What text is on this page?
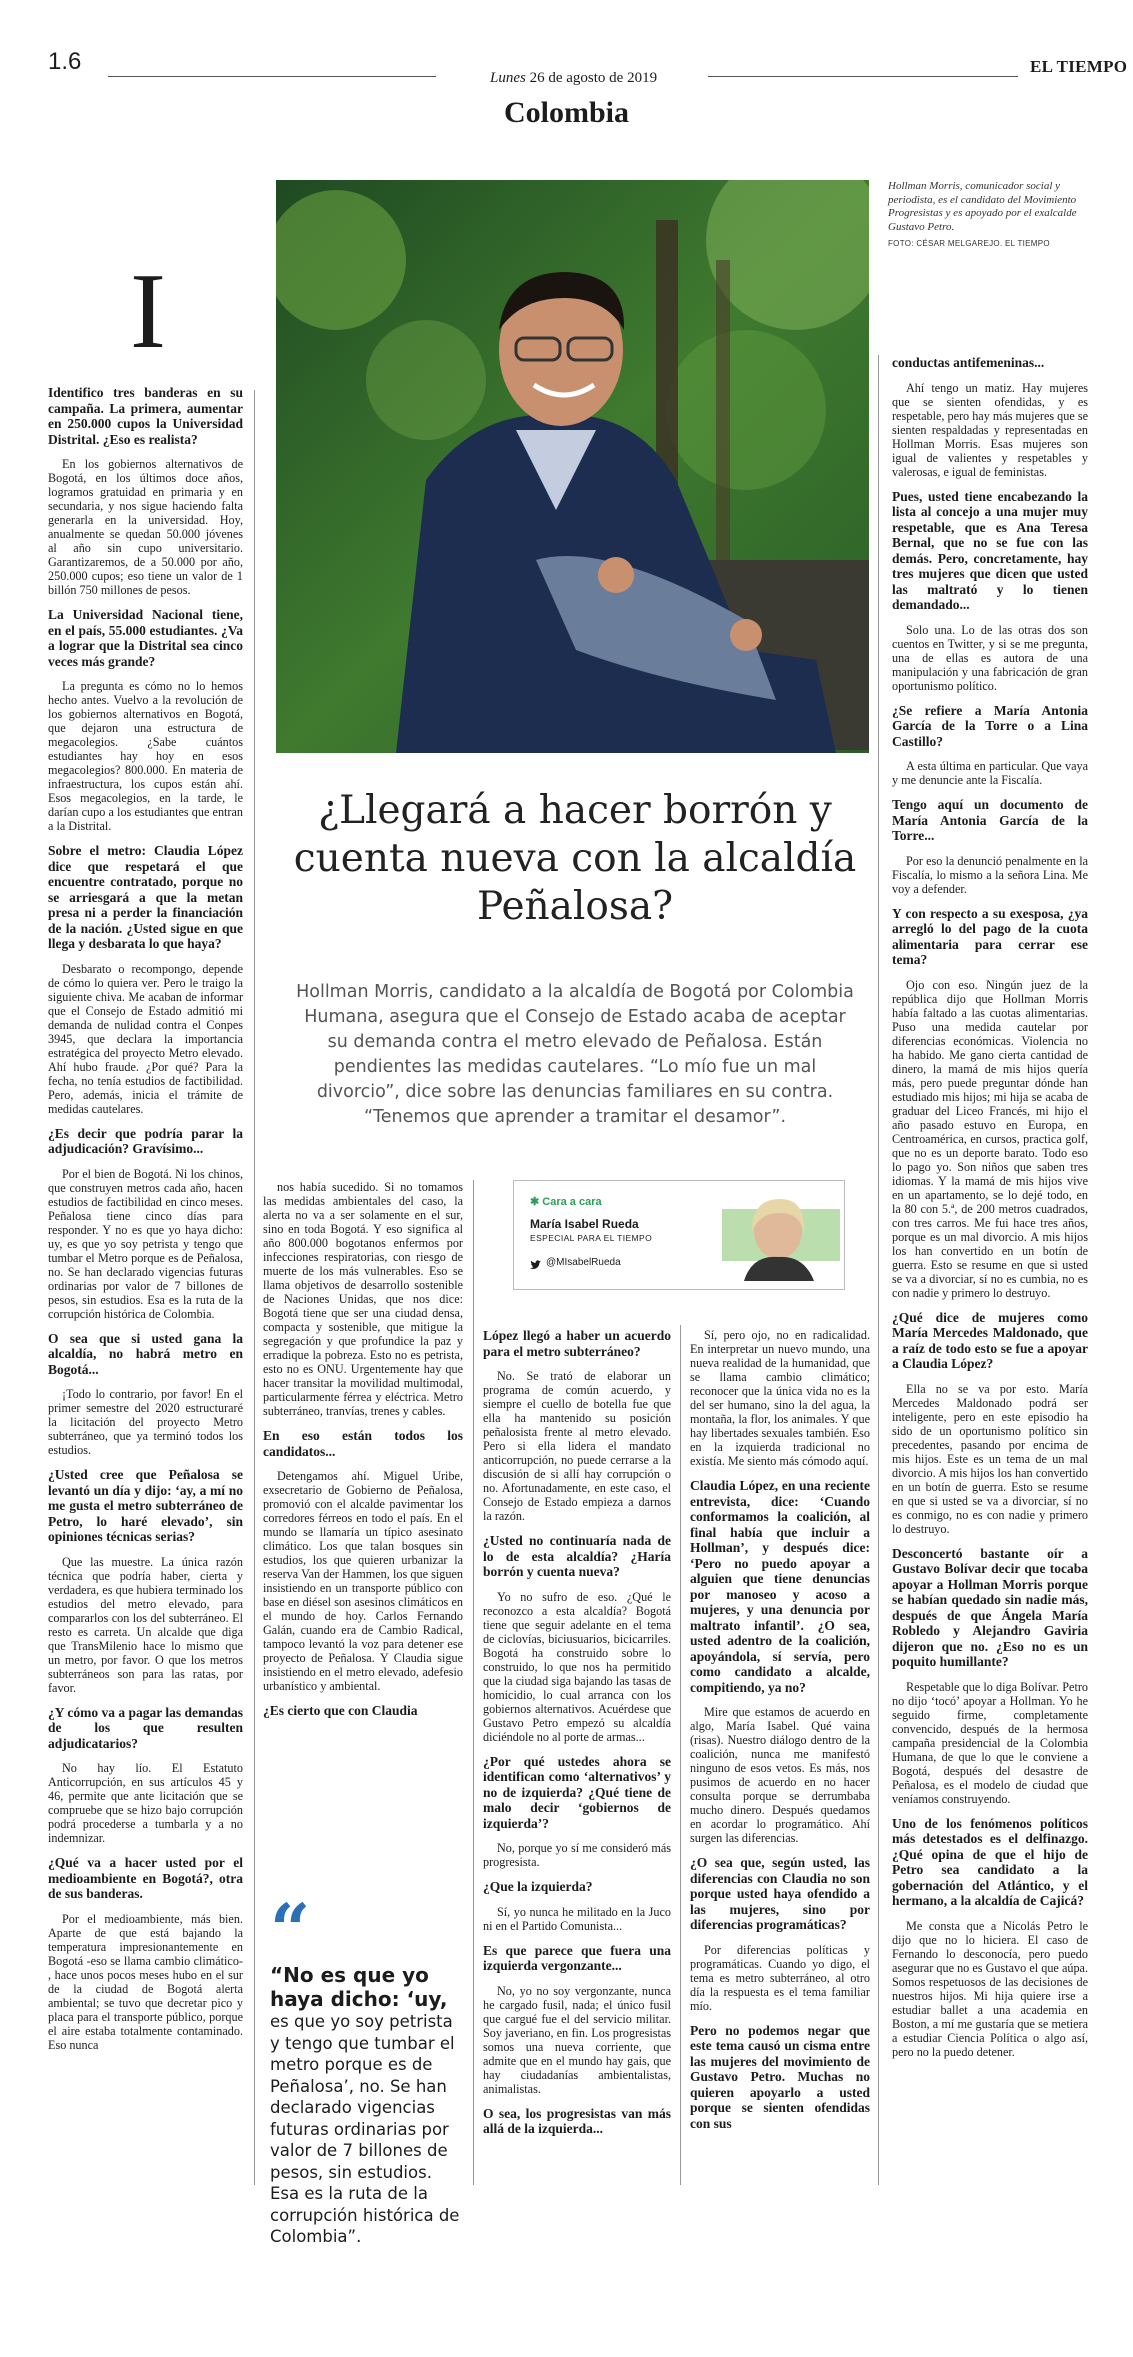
1.6
Lunes 26 de agosto de 2019
EL TIEMPO
Colombia
Hollman Morris, comunicador social y periodista, es el candidato del Movimiento Progresistas y es apoyado por el exalcalde Gustavo Petro.
FOTO: CÉSAR MELGAREJO. EL TIEMPO
I
¿Llegará a hacer borrón y cuenta nueva con la alcaldía Peñalosa?
Hollman Morris, candidato a la alcaldía de Bogotá por Colombia Humana, asegura que el Consejo de Estado acaba de aceptar su demanda contra el metro elevado de Peñalosa. Están pendientes las medidas cautelares. “Lo mío fue un mal divorcio”, dice sobre las denuncias familiares en su contra. “Tenemos que aprender a tramitar el desamor”.

Identifico tres banderas en su campaña. La primera, aumentar en 250.000 cupos la Universidad Distrital. ¿Eso es realista?

En los gobiernos alternativos de Bogotá, en los últimos doce años, logramos gratuidad en primaria y en secundaria, y nos sigue haciendo falta generarla en la universidad. Hoy, anualmente se quedan 50.000 jóvenes al año sin cupo universitario. Garantizaremos, de a 50.000 por año, 250.000 cupos; eso tiene un valor de 1 billón 750 millones de pesos.

La Universidad Nacional tiene, en el país, 55.000 estudiantes. ¿Va a lograr que la Distrital sea cinco veces más grande?

La pregunta es cómo no lo hemos hecho antes. Vuelvo a la revolución de los gobiernos alternativos en Bogotá, que dejaron una estructura de megacolegios. ¿Sabe cuántos estudiantes hay hoy en esos megacolegios? 800.000. En materia de infraestructura, los cupos están ahí. Esos megacolegios, en la tarde, le darían cupo a los estudiantes que entran a la Distrital.

Sobre el metro: Claudia López dice que respetará el que encuentre contratado, porque no se arriesgará a que la metan presa ni a perder la financiación de la nación. ¿Usted sigue en que llega y desbarata lo que haya?

Desbarato o recompongo, depende de cómo lo quiera ver. Pero le traigo la siguiente chiva. Me acaban de informar que el Consejo de Estado admitió mi demanda de nulidad contra el Conpes 3945, que declara la importancia estratégica del proyecto Metro elevado. Ahí hubo fraude. ¿Por qué? Para la fecha, no tenía estudios de factibilidad. Pero, además, inicia el trámite de medidas cautelares.

¿Es decir que podría parar la adjudicación? Gravísimo...

Por el bien de Bogotá. Ni los chinos, que construyen metros cada año, hacen estudios de factibilidad en cinco meses. Peñalosa tiene cinco días para responder. Y no es que yo haya dicho: uy, es que yo soy petrista y tengo que tumbar el Metro porque es de Peñalosa, no. Se han declarado vigencias futuras ordinarias por valor de 7 billones de pesos, sin estudios. Esa es la ruta de la corrupción histórica de Colombia.

O sea que si usted gana la alcaldía, no habrá metro en Bogotá...

¡Todo lo contrario, por favor! En el primer semestre del 2020 estructuraré la licitación del proyecto Metro subterráneo, que ya terminó todos los estudios.

¿Usted cree que Peñalosa se levantó un día y dijo: ‘ay, a mí no me gusta el metro subterráneo de Petro, lo haré elevado’, sin opiniones técnicas serias?

Que las muestre. La única razón técnica que podría haber, cierta y verdadera, es que hubiera terminado los estudios del metro elevado, para compararlos con los del subterráneo. El resto es carreta. Un alcalde que diga que TransMilenio hace lo mismo que un metro, por favor. O que los metros subterráneos son para las ratas, por favor.

¿Y cómo va a pagar las demandas de los que resulten adjudicatarios?

No hay lío. El Estatuto Anticorrupción, en sus artículos 45 y 46, permite que ante licitación que se compruebe que se hizo bajo corrupción podrá procederse a tumbarla y a no indemnizar.

¿Qué va a hacer usted por el medioambiente en Bogotá?, otra de sus banderas.

Por el medioambiente, más bien. Aparte de que está bajando la temperatura impresionantemente en Bogotá -eso se llama cambio climático- , hace unos pocos meses hubo en el sur de la ciudad de Bogotá alerta ambiental; se tuvo que decretar pico y placa para el transporte público, porque el aire estaba totalmente contaminado. Eso nunca

nos había sucedido. Si no tomamos las medidas ambientales del caso, la alerta no va a ser solamente en el sur, sino en toda Bogotá. Y eso significa al año 800.000 bogotanos enfermos por infecciones respiratorias, con riesgo de muerte de los más vulnerables. Eso se llama objetivos de desarrollo sostenible de Naciones Unidas, que nos dice: Bogotá tiene que ser una ciudad densa, compacta y sostenible, que mitigue la segregación y que profundice la paz y erradique la pobreza. Esto no es petrista, esto no es ONU. Urgentemente hay que hacer transitar la movilidad multimodal, particularmente férrea y eléctrica. Metro subterráneo, tranvías, trenes y cables.

En eso están todos los candidatos...

Detengamos ahí. Miguel Uribe, exsecretario de Gobierno de Peñalosa, promovió con el alcalde pavimentar los corredores férreos en todo el país. En el mundo se llamaría un típico asesinato climático. Los que talan bosques sin estudios, los que quieren urbanizar la reserva Van der Hammen, los que siguen insistiendo en un transporte público con base en diésel son asesinos climáticos en el mundo de hoy. Carlos Fernando Galán, cuando era de Cambio Radical, tampoco levantó la voz para detener ese proyecto de Peñalosa. Y Claudia sigue insistiendo en el metro elevado, adefesio urbanístico y ambiental.

¿Es cierto que con Claudia

López llegó a haber un acuerdo para el metro subterráneo?

No. Se trató de elaborar un programa de común acuerdo, y siempre el cuello de botella fue que ella ha mantenido su posición peñalosista frente al metro elevado. Pero si ella lidera el mandato anticorrupción, no puede cerrarse a la discusión de si allí hay corrupción o no. Afortunadamente, en este caso, el Consejo de Estado empieza a darnos la razón.

¿Usted no continuaría nada de lo de esta alcaldía? ¿Haría borrón y cuenta nueva?

Yo no sufro de eso. ¿Qué le reconozco a esta alcaldía? Bogotá tiene que seguir adelante en el tema de ciclovías, biciusuarios, bicicarriles. Bogotá ha construido sobre lo construido, lo que nos ha permitido que la ciudad siga bajando las tasas de homicidio, lo cual arranca con los gobiernos alternativos. Acuérdese que Gustavo Petro empezó su alcaldía diciéndole no al porte de armas...

¿Por qué ustedes ahora se identifican como ‘alternativos’ y no de izquierda? ¿Qué tiene de malo decir ‘gobiernos de izquierda’?

No, porque yo sí me consideró más progresista.

¿Que la izquierda?

Sí, yo nunca he militado en la Juco ni en el Partido Comunista...

Es que parece que fuera una izquierda vergonzante...

No, yo no soy vergonzante, nunca he cargado fusil, nada; el único fusil que cargué fue el del servicio militar. Soy javeriano, en fin. Los progresistas somos una nueva corriente, que admite que en el mundo hay gais, que hay ciudadanías ambientalistas, animalistas.

O sea, los progresistas van más allá de la izquierda...

Sí, pero ojo, no en radicalidad. En interpretar un nuevo mundo, una nueva realidad de la humanidad, que se llama cambio climático; reconocer que la única vida no es la del ser humano, sino la del agua, la montaña, la flor, los animales. Y que hay libertades sexuales también. Eso en la izquierda tradicional no existía. Me siento más cómodo aquí.

Claudia López, en una reciente entrevista, dice: ‘Cuando conformamos la coalición, al final había que incluir a Hollman’, y después dice: ‘Pero no puedo apoyar a alguien que tiene denuncias por manoseo y acoso a mujeres, y una denuncia por maltrato infantil’. ¿O sea, usted adentro de la coalición, apoyándola, sí servía, pero como candidato a alcalde, compitiendo, ya no?

Mire que estamos de acuerdo en algo, María Isabel. Qué vaina (risas). Nuestro diálogo dentro de la coalición, nunca me manifestó ninguno de esos vetos. Es más, nos pusimos de acuerdo en no hacer consulta porque se derrumbaba mucho dinero. Después quedamos en acordar lo programático. Ahí surgen las diferencias.

¿O sea que, según usted, las diferencias con Claudia no son porque usted haya ofendido a las mujeres, sino por diferencias programáticas?

Por diferencias políticas y programáticas. Cuando yo digo, el tema es metro subterráneo, al otro día la respuesta es el tema familiar mío.

Pero no podemos negar que este tema causó un cisma entre las mujeres del movimiento de Gustavo Petro. Muchas no quieren apoyarlo a usted porque se sienten ofendidas con sus

conductas antifemeninas...

Ahí tengo un matiz. Hay mujeres que se sienten ofendidas, y es respetable, pero hay más mujeres que se sienten respaldadas y representadas en Hollman Morris. Esas mujeres son igual de valientes y respetables y valerosas, e igual de feministas.

Pues, usted tiene encabezando la lista al concejo a una mujer muy respetable, que es Ana Teresa Bernal, que no se fue con las demás. Pero, concretamente, hay tres mujeres que dicen que usted las maltrató y lo tienen demandado...

Solo una. Lo de las otras dos son cuentos en Twitter, y si se me pregunta, una de ellas es autora de una manipulación y una fabricación de gran oportunismo político.

¿Se refiere a María Antonia García de la Torre o a Lina Castillo?

A esta última en particular. Que vaya y me denuncie ante la Fiscalía.

Tengo aquí un documento de María Antonia García de la Torre...

Por eso la denunció penalmente en la Fiscalía, lo mismo a la señora Lina. Me voy a defender.

Y con respecto a su exesposa, ¿ya arregló lo del pago de la cuota alimentaria para cerrar ese tema?

Ojo con eso. Ningún juez de la república dijo que Hollman Morris había faltado a las cuotas alimentarias. Puso una medida cautelar por diferencias económicas. Violencia no ha habido. Me gano cierta cantidad de dinero, la mamá de mis hijos quería más, pero puede preguntar dónde han estudiado mis hijos; mi hija se acaba de graduar del Liceo Francés, mi hijo el año pasado estuvo en Europa, en Centroamérica, en cursos, practica golf, que no es un deporte barato. Todo eso lo pago yo. Son niños que saben tres idiomas. Y la mamá de mis hijos vive en un apartamento, se lo dejé todo, en la 80 con 5.ª, de 200 metros cuadrados, con tres carros. Me fui hace tres años, porque es un mal divorcio. A mis hijos los han convertido en un botín de guerra. Esto se resume en que si usted se va a divorciar, sí no es cumbia, no es con nadie y primero lo destruyo.

¿Qué dice de mujeres como María Mercedes Maldonado, que a raíz de todo esto se fue a apoyar a Claudia López?

Ella no se va por esto. María Mercedes Maldonado podrá ser inteligente, pero en este episodio ha sido de un oportunismo político sin precedentes, pasando por encima de mis hijos. Este es un tema de un mal divorcio. A mis hijos los han convertido en un botín de guerra. Esto se resume en que si usted se va a divorciar, sí no es conmigo, no es con nadie y primero lo destruyo.

Desconcertó bastante oír a Gustavo Bolívar decir que tocaba apoyar a Hollman Morris porque se habían quedado sin nadie más, después de que Ángela María Robledo y Alejandro Gaviria dijeron que no. ¿Eso no es un poquito humillante?

Respetable que lo diga Bolívar. Petro no dijo ‘tocó’ apoyar a Hollman. Yo he seguido firme, completamente convencido, después de la hermosa campaña presidencial de la Colombia Humana, de que lo que le conviene a Bogotá, después del desastre de Peñalosa, es el modelo de ciudad que veníamos construyendo.

Uno de los fenómenos políticos más detestados es el delfinazgo. ¿Qué opina de que el hijo de Petro sea candidato a la gobernación del Atlántico, y el hermano, a la alcaldía de Cajicá?

Me consta que a Nicolás Petro le dijo que no lo hiciera. El caso de Fernando lo desconocía, pero puedo asegurar que no es Gustavo el que aúpa. Somos respetuosos de las decisiones de nuestros hijos. Mi hija quiere irse a estudiar ballet a una academia en Boston, a mí me gustaría que se metiera a estudiar Ciencia Política o algo así, pero no la puedo detener.

✱ Cara a cara
María Isabel Rueda
ESPECIAL PARA EL TIEMPO
@MIsabelRueda
“
“No es que yo haya dicho: ‘uy,
es que yo soy petrista y tengo que tumbar el metro porque es de Peñalosa’, no. Se han declarado vigencias futuras ordinarias por valor de 7 billones de pesos, sin estudios. Esa es la ruta de la corrupción histórica de Colombia”.
